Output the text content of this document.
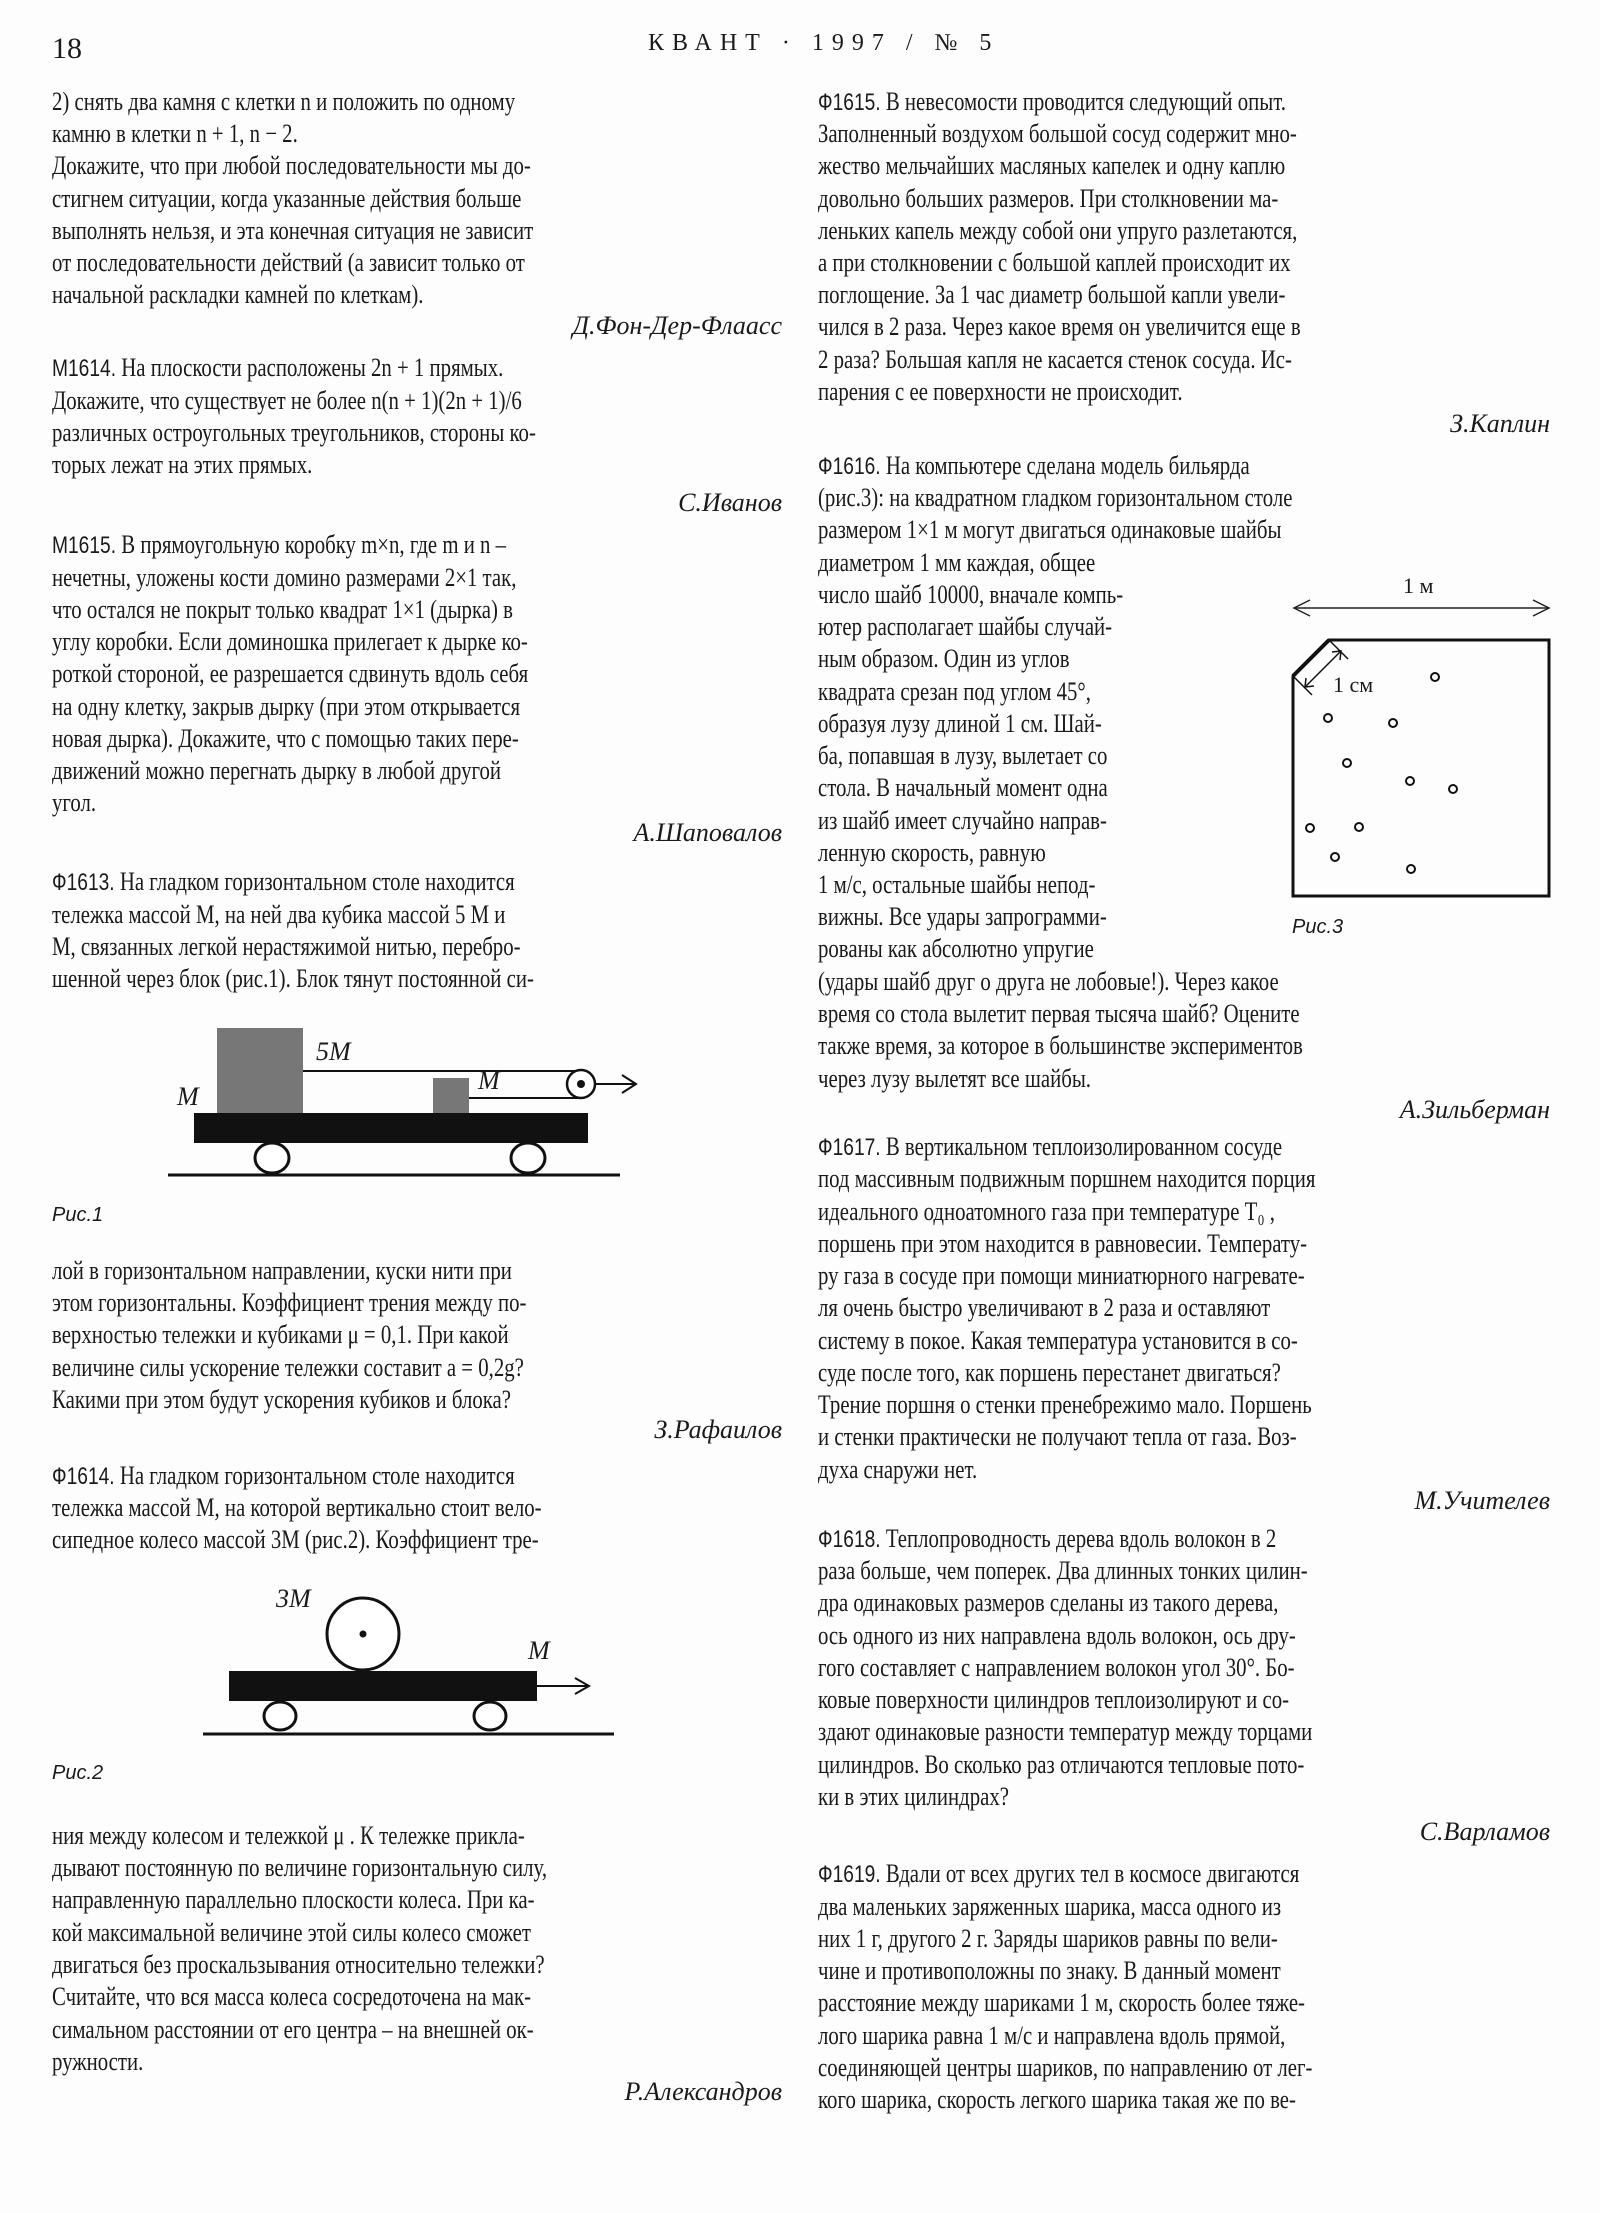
18	КВАНТ · 1997 / № 5
2) снять два камня с клетки n и положить по одному
камню в клетки n + 1, n − 2.
Докажите, что при любой последовательности мы до-
стигнем ситуации, когда указанные действия больше
выполнять нельзя, и эта конечная ситуация не зависит
от последовательности действий (а зависит только от
начальной раскладки камней по клеткам).
Д.Фон-Дер-Флаасс
М1614. На плоскости расположены 2n + 1 прямых.
Докажите, что существует не более n(n + 1)(2n + 1)/6
различных остроугольных треугольников, стороны ко-
торых лежат на этих прямых.
С.Иванов
М1615. В прямоугольную коробку m×n, где m и n –
нечетны, уложены кости домино размерами 2×1 так,
что остался не покрыт только квадрат 1×1 (дырка) в
углу коробки. Если доминошка прилегает к дырке ко-
роткой стороной, ее разрешается сдвинуть вдоль себя
на одну клетку, закрыв дырку (при этом открывается
новая дырка). Докажите, что с помощью таких пере-
движений можно перегнать дырку в любой другой
угол.
А.Шаповалов
Ф1613. На гладком горизонтальном столе находится
тележка массой M, на ней два кубика массой 5 M и
M, связанных легкой нерастяжимой нитью, перебро-
шенной через блок (рис.1). Блок тянут постоянной си-
M
5M
M
Рис.1
лой в горизонтальном направлении, куски нити при
этом горизонтальны. Коэффициент трения между по-
верхностью тележки и кубиками μ = 0,1. При какой
величине силы ускорение тележки составит a = 0,2g?
Какими при этом будут ускорения кубиков и блока?
З.Рафаилов
Ф1614. На гладком горизонтальном столе находится
тележка массой M, на которой вертикально стоит вело-
сипедное колесо массой 3M (рис.2). Коэффициент тре-
3M
M
Рис.2
ния между колесом и тележкой μ . К тележке прикла-
дывают постоянную по величине горизонтальную силу,
направленную параллельно плоскости колеса. При ка-
кой максимальной величине этой силы колесо сможет
двигаться без проскальзывания относительно тележки?
Считайте, что вся масса колеса сосредоточена на мак-
симальном расстоянии от его центра – на внешней ок-
ружности.
Р.Александров
Ф1615. В невесомости проводится следующий опыт.
Заполненный воздухом большой сосуд содержит мно-
жество мельчайших масляных капелек и одну каплю
довольно больших размеров. При столкновении ма-
леньких капель между собой они упруго разлетаются,
а при столкновении с большой каплей происходит их
поглощение. За 1 час диаметр большой капли увели-
чился в 2 раза. Через какое время он увеличится еще в
2 раза? Большая капля не касается стенок сосуда. Ис-
парения с ее поверхности не происходит.
З.Каплин
Ф1616. На компьютере сделана модель бильярда
(рис.3): на квадратном гладком горизонтальном столе
размером 1×1 м могут двигаться одинаковые шайбы
диаметром 1 мм каждая, общее
число шайб 10000, вначале компь-
ютер располагает шайбы случай-
ным образом. Один из углов
квадрата срезан под углом 45°,
образуя лузу длиной 1 см. Шай-
ба, попавшая в лузу, вылетает со
стола. В начальный момент одна
из шайб имеет случайно направ-
ленную скорость, равную
1 м/с, остальные шайбы непод-
вижны. Все удары запрограмми-
рованы как абсолютно упругие
(удары шайб друг о друга не лобовые!). Через какое
время со стола вылетит первая тысяча шайб? Оцените
также время, за которое в большинстве экспериментов
через лузу вылетят все шайбы.
А.Зильберман
Ф1617. В вертикальном теплоизолированном сосуде
под массивным подвижным поршнем находится порция
идеального одноатомного газа при температуре T₀ ,
поршень при этом находится в равновесии. Температу-
ру газа в сосуде при помощи миниатюрного нагревате-
ля очень быстро увеличивают в 2 раза и оставляют
систему в покое. Какая температура установится в со-
суде после того, как поршень перестанет двигаться?
Трение поршня о стенки пренебрежимо мало. Поршень
и стенки практически не получают тепла от газа. Воз-
духа снаружи нет.
М.Учителев
Ф1618. Теплопроводность дерева вдоль волокон в 2
раза больше, чем поперек. Два длинных тонких цилин-
дра одинаковых размеров сделаны из такого дерева,
ось одного из них направлена вдоль волокон, ось дру-
гого составляет с направлением волокон угол 30°. Бо-
ковые поверхности цилиндров теплоизолируют и со-
здают одинаковые разности температур между торцами
цилиндров. Во сколько раз отличаются тепловые пото-
ки в этих цилиндрах?
С.Варламов
Ф1619. Вдали от всех других тел в космосе двигаются
два маленьких заряженных шарика, масса одного из
них 1 г, другого 2 г. Заряды шариков равны по вели-
чине и противоположны по знаку. В данный момент
расстояние между шариками 1 м, скорость более тяже-
лого шарика равна 1 м/с и направлена вдоль прямой,
соединяющей центры шариков, по направлению от лег-
кого шарика, скорость легкого шарика такая же по ве-
1 м
1 см
Рис.3
